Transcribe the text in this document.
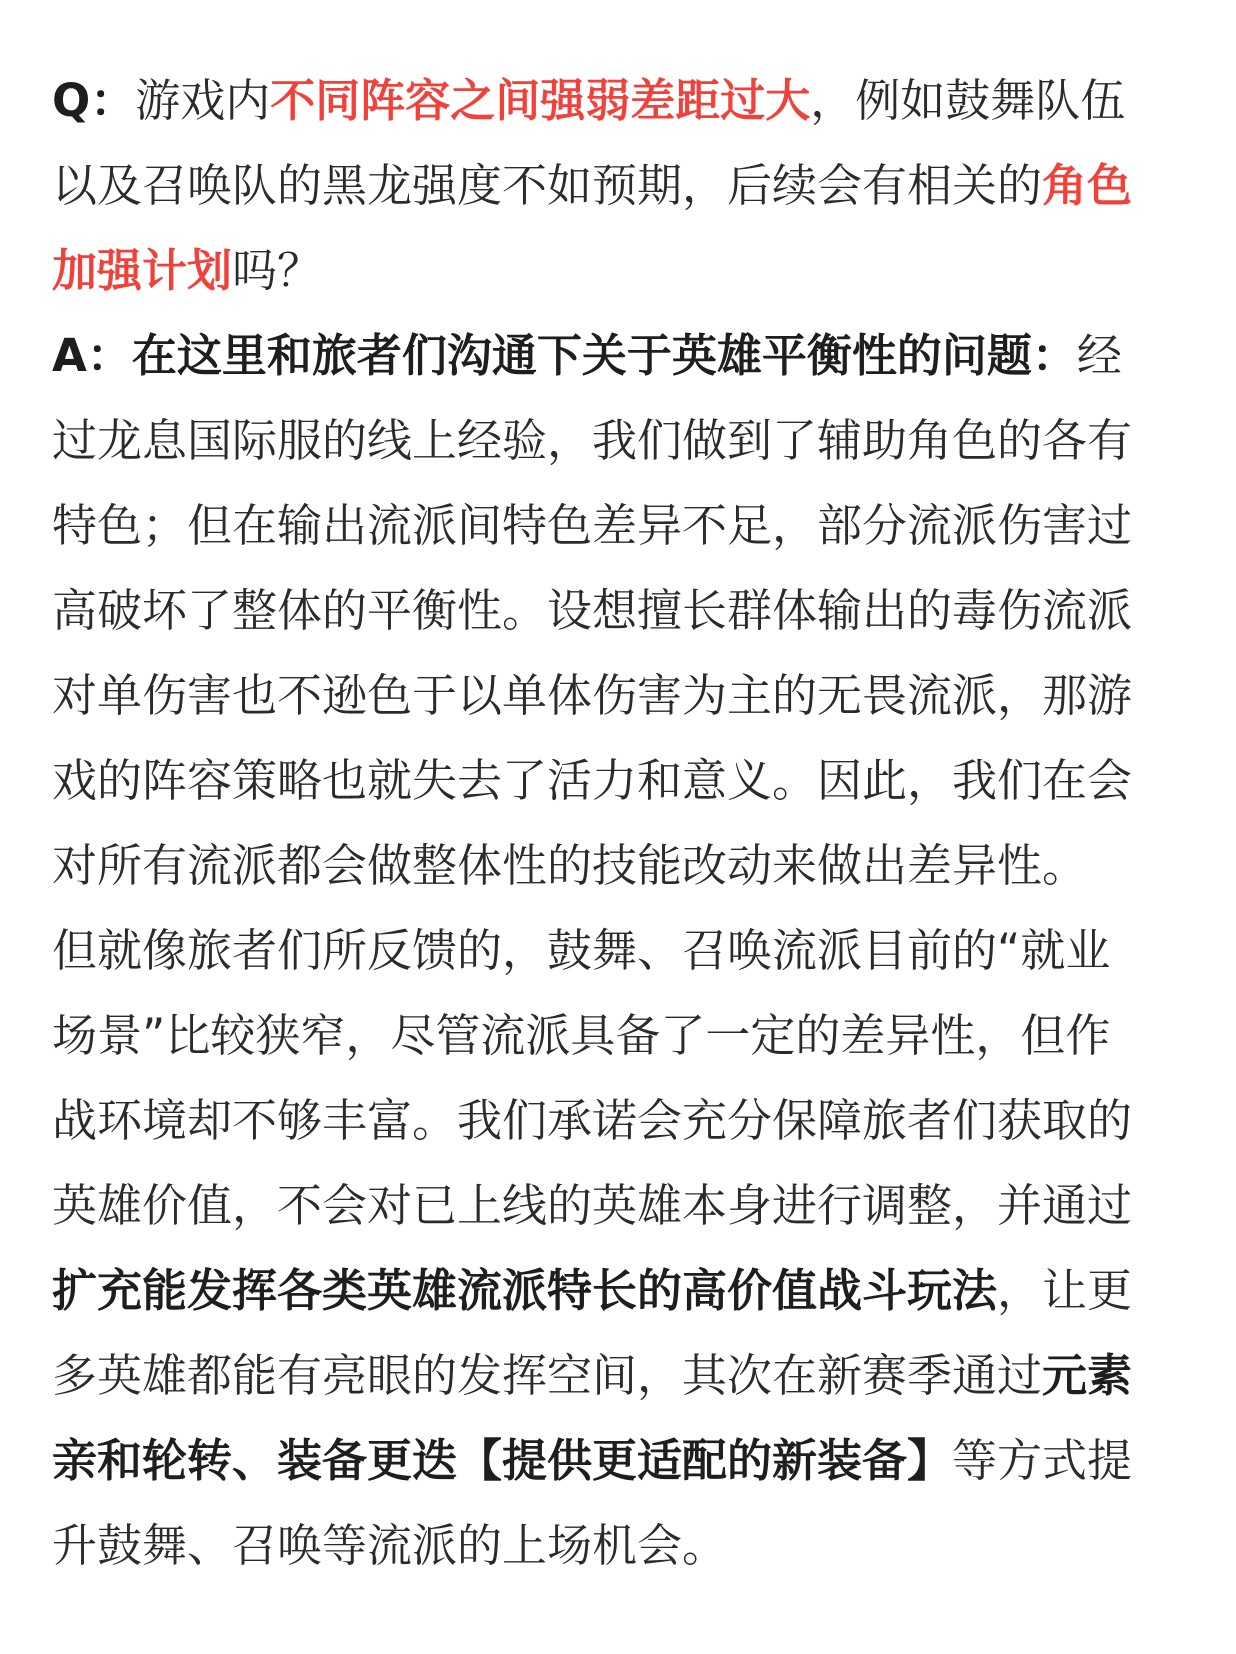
Q：游戏内不同阵容之间强弱差距过大，例如鼓舞队伍
以及召唤队的黑龙强度不如预期，后续会有相关的角色
加强计划吗？
A：在这里和旅者们沟通下关于英雄平衡性的问题：经
过龙息国际服的线上经验，我们做到了辅助角色的各有
特色；但在输出流派间特色差异不足，部分流派伤害过
高破坏了整体的平衡性。设想擅长群体输出的毒伤流派
对单伤害也不逊色于以单体伤害为主的无畏流派，那游
戏的阵容策略也就失去了活力和意义。因此，我们在会
对所有流派都会做整体性的技能改动来做出差异性。
但就像旅者们所反馈的，鼓舞、召唤流派目前的“就业
场景”比较狭窄，尽管流派具备了一定的差异性，但作
战环境却不够丰富。我们承诺会充分保障旅者们获取的
英雄价值，不会对已上线的英雄本身进行调整，并通过
扩充能发挥各类英雄流派特长的高价值战斗玩法，让更
多英雄都能有亮眼的发挥空间，其次在新赛季通过元素
亲和轮转、装备更迭【提供更适配的新装备】等方式提
升鼓舞、召唤等流派的上场机会。
